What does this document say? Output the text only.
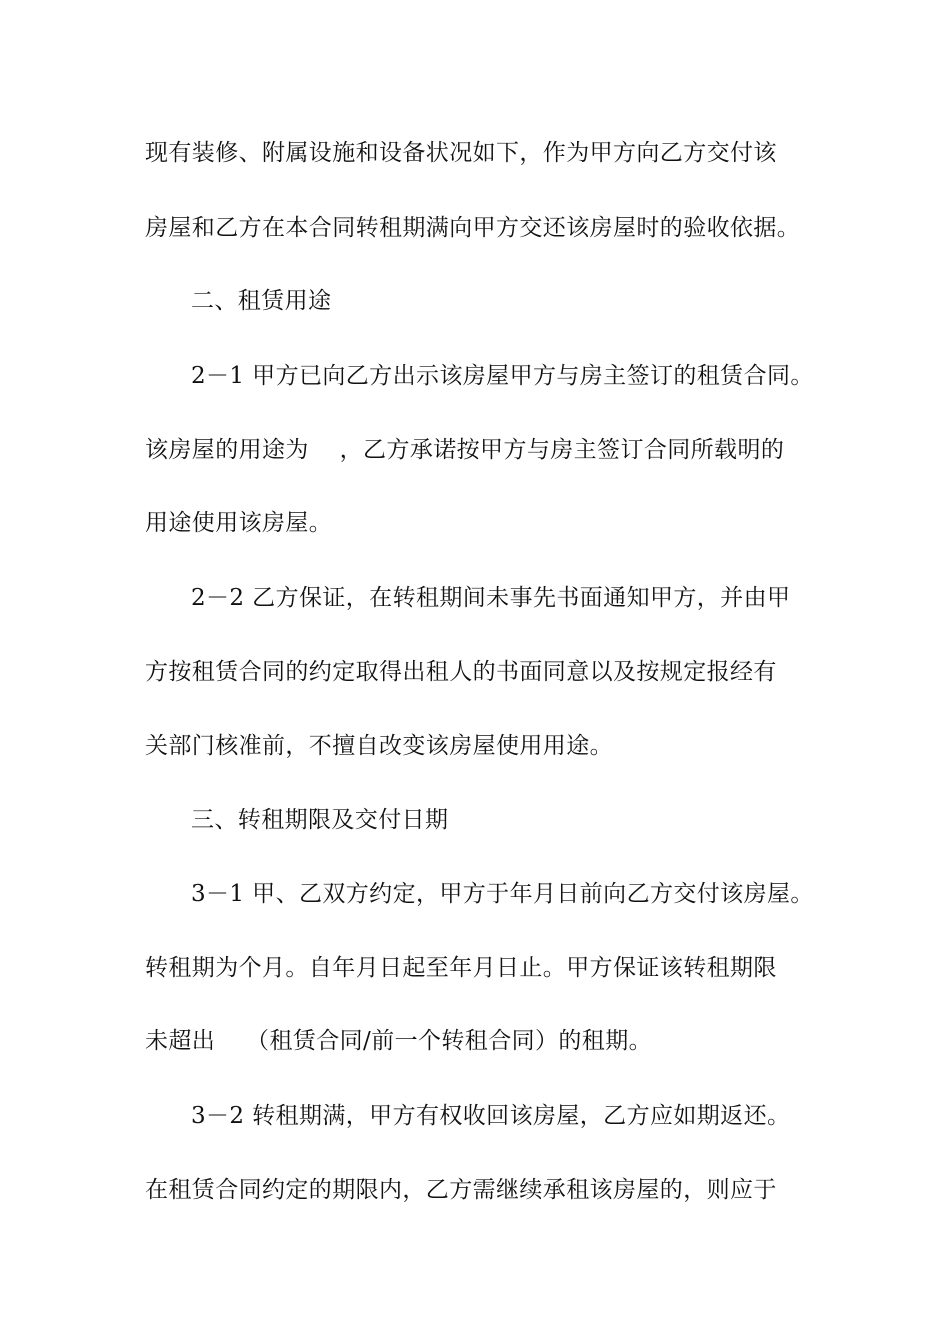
现有装修、附属设施和设备状况如下，作为甲方向乙方交付该
房屋和乙方在本合同转租期满向甲方交还该房屋时的验收依据。
二、租赁用途
2－1 甲方已向乙方出示该房屋甲方与房主签订的租赁合同。
该房屋的用途为    ，乙方承诺按甲方与房主签订合同所载明的
用途使用该房屋。
2－2 乙方保证，在转租期间未事先书面通知甲方，并由甲
方按租赁合同的约定取得出租人的书面同意以及按规定报经有
关部门核准前，不擅自改变该房屋使用用途。
三、转租期限及交付日期
3－1 甲、乙双方约定，甲方于年月日前向乙方交付该房屋。
转租期为个月。自年月日起至年月日止。甲方保证该转租期限
未超出    （租赁合同/前一个转租合同）的租期。
3－2 转租期满，甲方有权收回该房屋，乙方应如期返还。
在租赁合同约定的期限内，乙方需继续承租该房屋的，则应于
